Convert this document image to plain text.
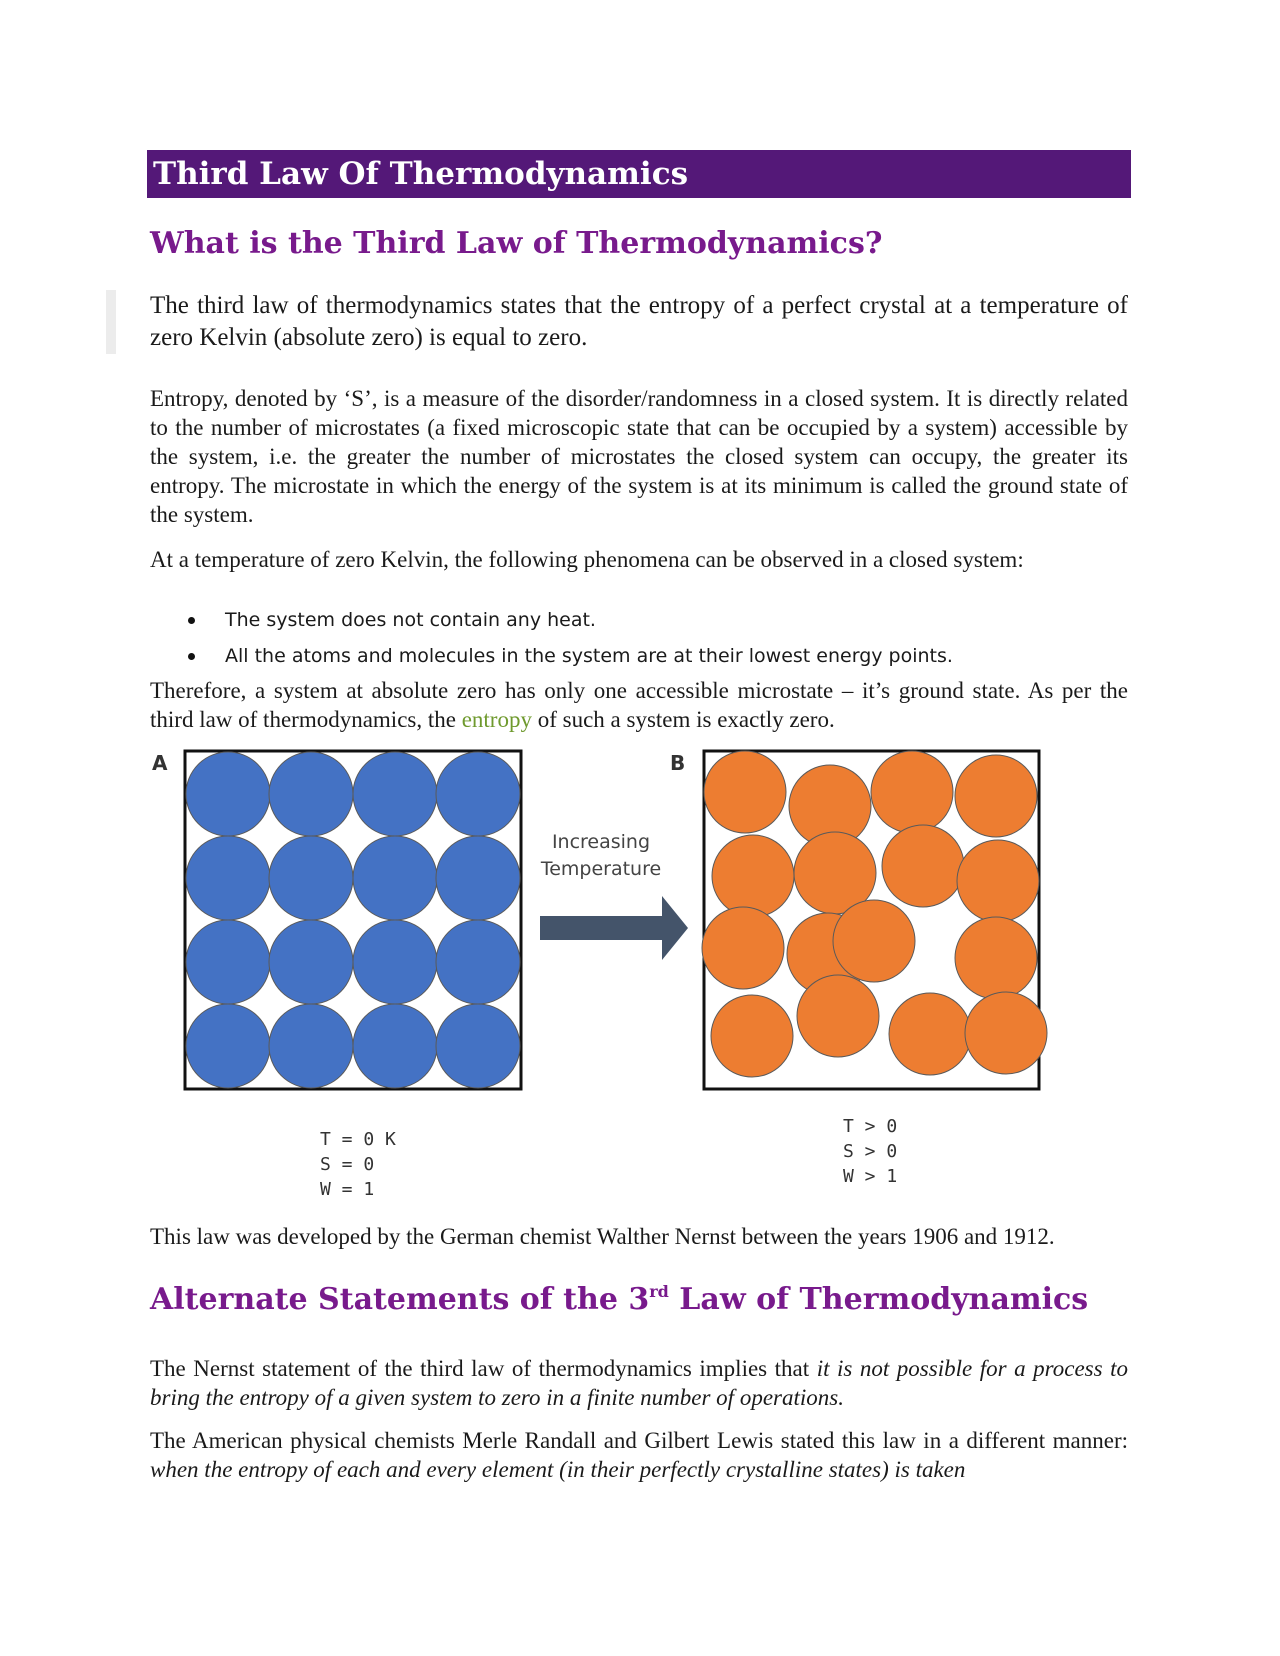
Third Law Of Thermodynamics
What is the Third Law of Thermodynamics?
The third law of thermodynamics states that the entropy of a perfect crystal at a temperature of zero Kelvin (absolute zero) is equal to zero.
Entropy, denoted by ‘S’, is a measure of the disorder/randomness in a closed system. It is directly related to the number of microstates (a fixed microscopic state that can be occupied by a system) accessible by the system, i.e. the greater the number of microstates the closed system can occupy, the greater its entropy. The microstate in which the energy of the system is at its minimum is called the ground state of the system.
At a temperature of zero Kelvin, the following phenomena can be observed in a closed system:
The system does not contain any heat.
All the atoms and molecules in the system are at their lowest energy points.
Therefore, a system at absolute zero has only one accessible microstate – it’s ground state. As per the third law of thermodynamics, the entropy of such a system is exactly zero.
A	B
Increasing
Temperature
T = 0 K
S = 0
W = 1
T > 0
S > 0
W > 1
This law was developed by the German chemist Walther Nernst between the years 1906 and 1912.
Alternate Statements of the 3rd Law of Thermodynamics
The Nernst statement of the third law of thermodynamics implies that it is not possible for a process to bring the entropy of a given system to zero in a finite number of operations.
The American physical chemists Merle Randall and Gilbert Lewis stated this law in a different manner: when the entropy of each and every element (in their perfectly crystalline states) is taken
